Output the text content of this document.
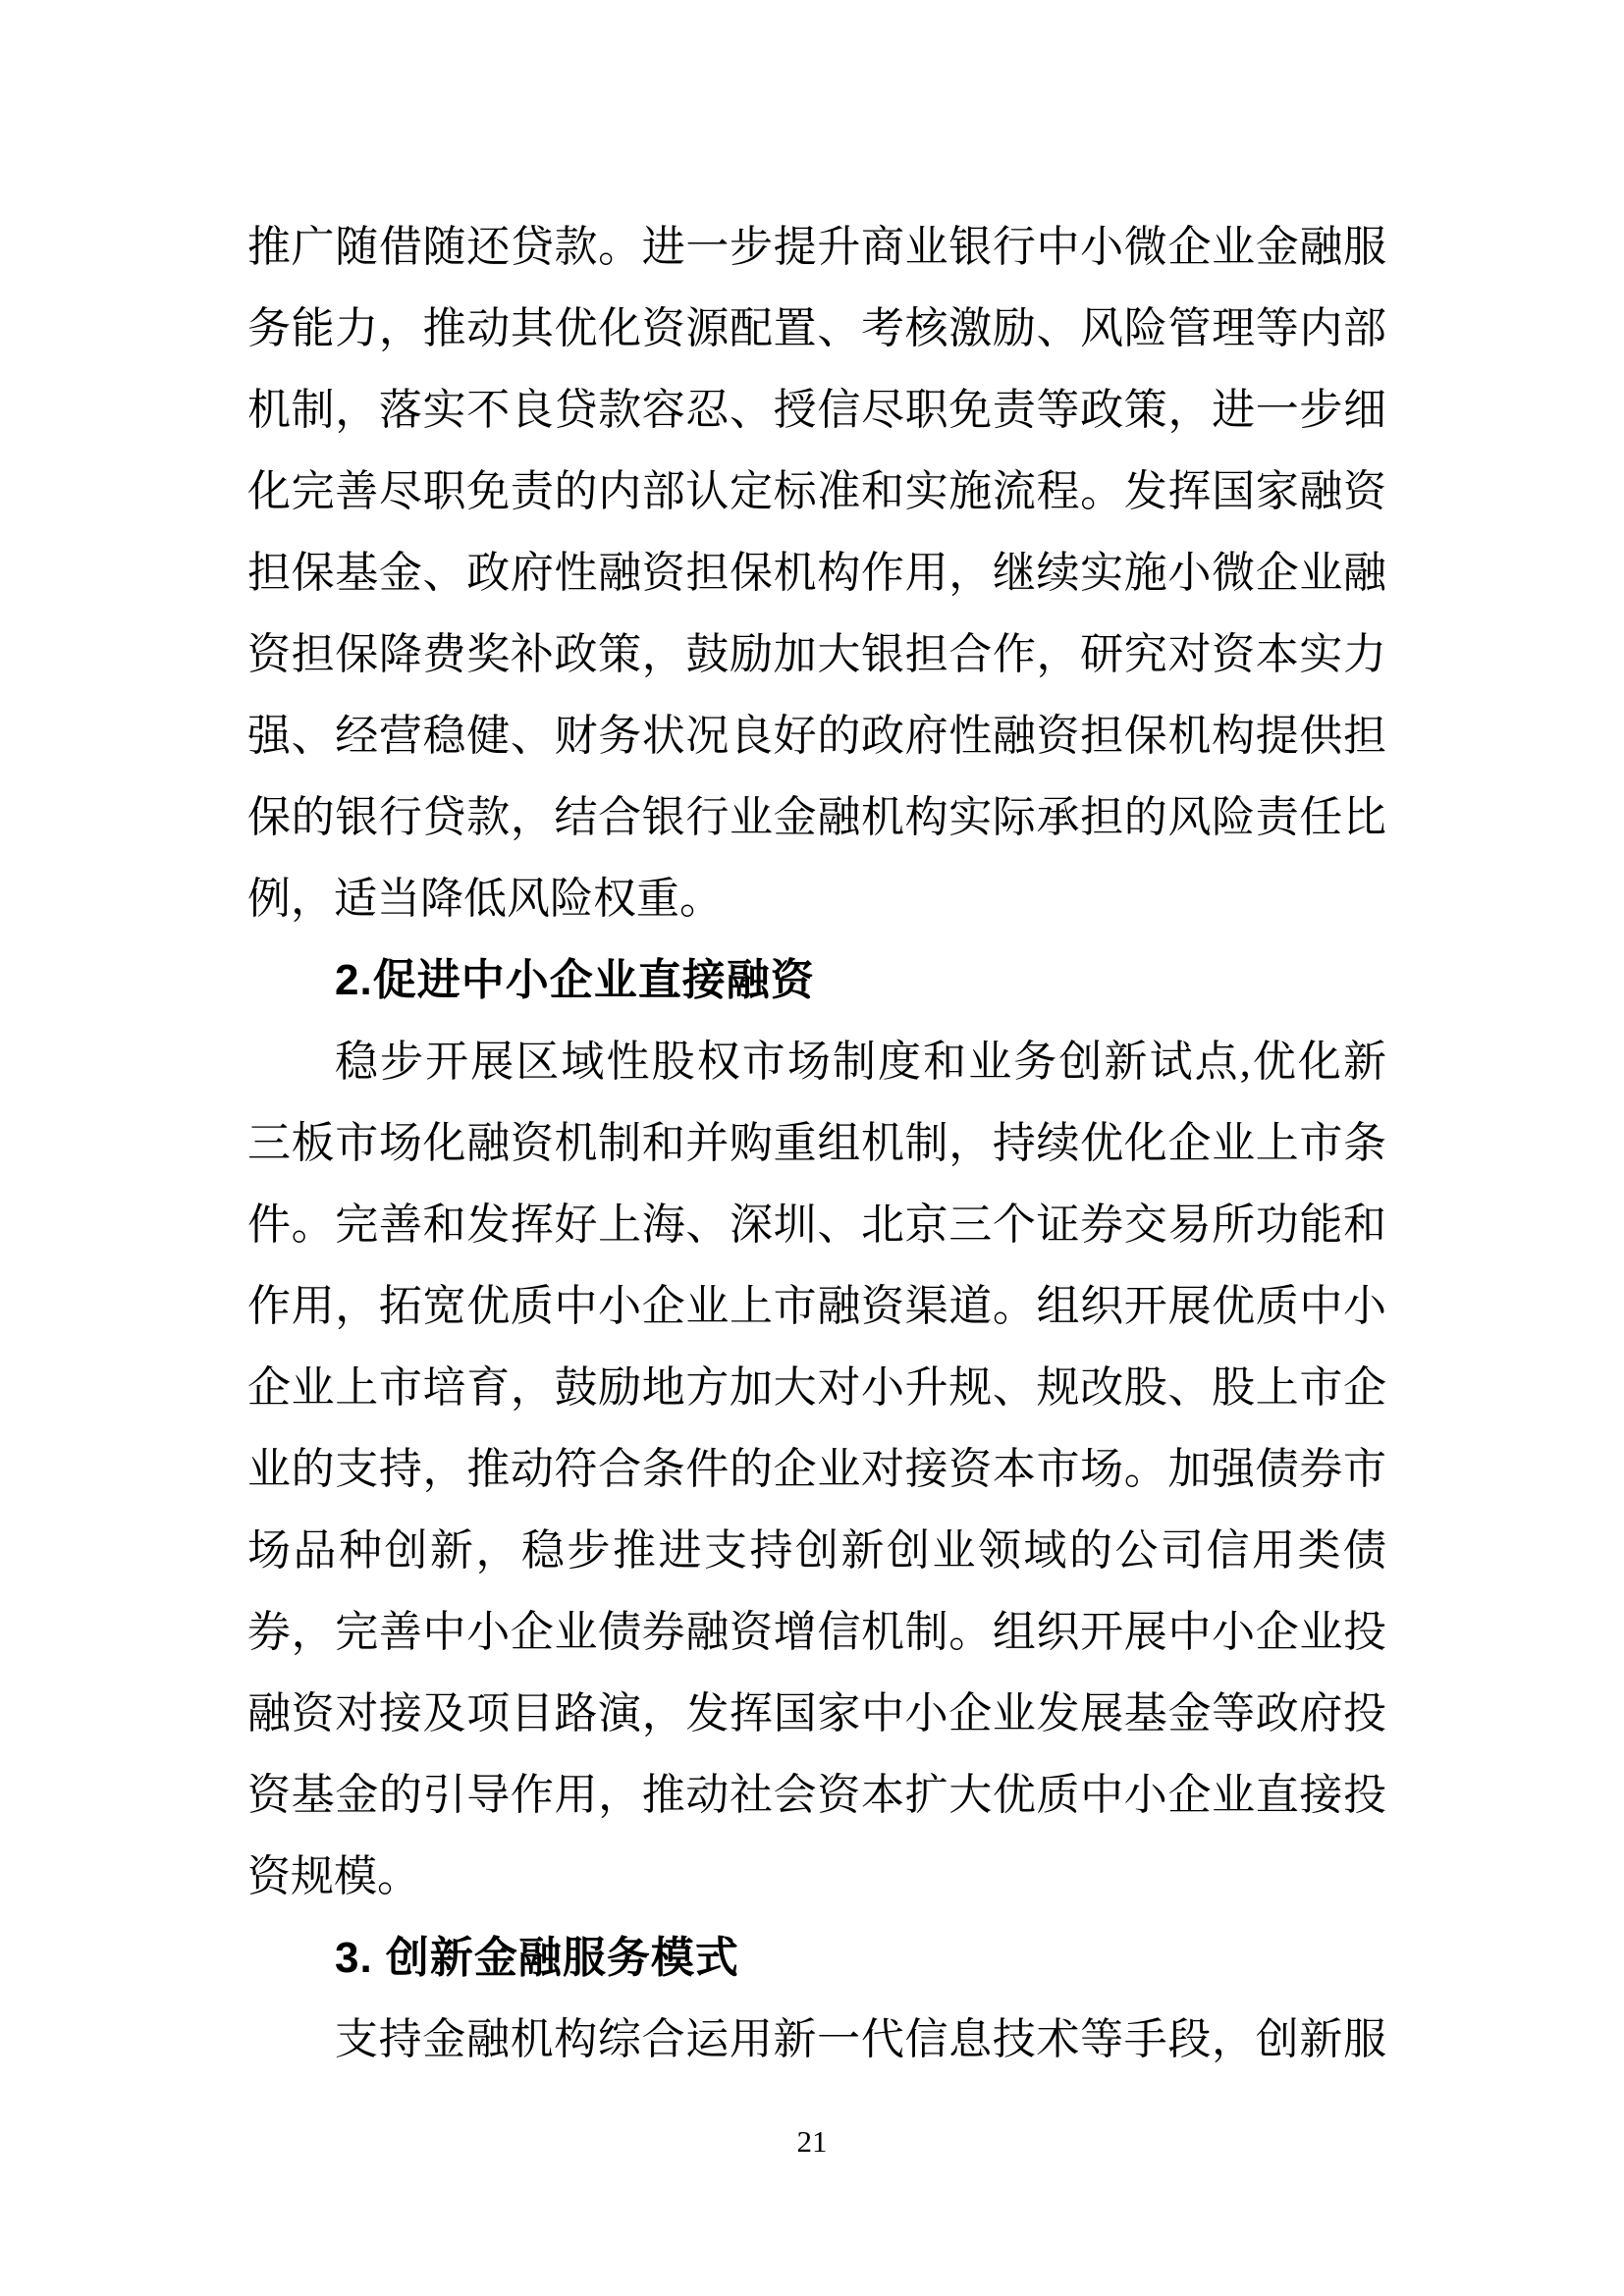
推广随借随还贷款。进一步提升商业银行中小微企业金融服
务能力，推动其优化资源配置、考核激励、风险管理等内部
机制，落实不良贷款容忍、授信尽职免责等政策，进一步细
化完善尽职免责的内部认定标准和实施流程。发挥国家融资
担保基金、政府性融资担保机构作用，继续实施小微企业融
资担保降费奖补政策，鼓励加大银担合作，研究对资本实力
强、经营稳健、财务状况良好的政府性融资担保机构提供担
保的银行贷款，结合银行业金融机构实际承担的风险责任比
例，适当降低风险权重。
2.促进中小企业直接融资
稳步开展区域性股权市场制度和业务创新试点,优化新
三板市场化融资机制和并购重组机制，持续优化企业上市条
件。完善和发挥好上海、深圳、北京三个证券交易所功能和
作用，拓宽优质中小企业上市融资渠道。组织开展优质中小
企业上市培育，鼓励地方加大对小升规、规改股、股上市企
业的支持，推动符合条件的企业对接资本市场。加强债券市
场品种创新，稳步推进支持创新创业领域的公司信用类债
券，完善中小企业债券融资增信机制。组织开展中小企业投
融资对接及项目路演，发挥国家中小企业发展基金等政府投
资基金的引导作用，推动社会资本扩大优质中小企业直接投
资规模。
3. 创新金融服务模式
支持金融机构综合运用新一代信息技术等手段，创新服
21
